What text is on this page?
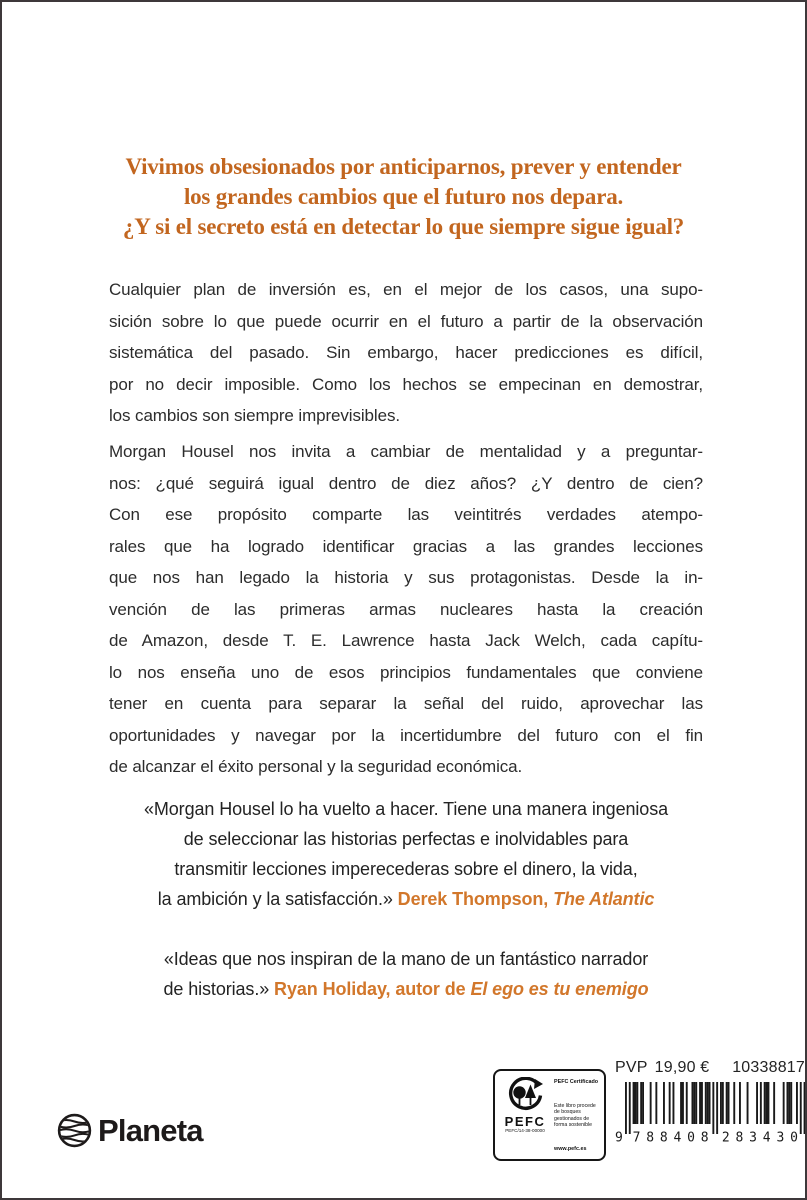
Vivimos obsesionados por anticiparnos, prever y entender
los grandes cambios que el futuro nos depara.
¿Y si el secreto está en detectar lo que siempre sigue igual?
Cualquier plan de inversión es, en el mejor de los casos, una supo-
sición sobre lo que puede ocurrir en el futuro a partir de la observación
sistemática del pasado. Sin embargo, hacer predicciones es difícil,
por no decir imposible. Como los hechos se empecinan en demostrar,
los cambios son siempre imprevisibles.
Morgan Housel nos invita a cambiar de mentalidad y a preguntar-
nos: ¿qué seguirá igual dentro de diez años? ¿Y dentro de cien?
Con ese propósito comparte las veintitrés verdades atempo-
rales que ha logrado identificar gracias a las grandes lecciones
que nos han legado la historia y sus protagonistas. Desde la in-
vención de las primeras armas nucleares hasta la creación
de Amazon, desde T. E. Lawrence hasta Jack Welch, cada capítu-
lo nos enseña uno de esos principios fundamentales que conviene
tener en cuenta para separar la señal del ruido, aprovechar las
oportunidades y navegar por la incertidumbre del futuro con el fin
de alcanzar el éxito personal y la seguridad económica.
«Morgan Housel lo ha vuelto a hacer. Tiene una manera ingeniosa
de seleccionar las historias perfectas e inolvidables para
transmitir lecciones imperecederas sobre el dinero, la vida,
la ambición y la satisfacción.» Derek Thompson, The Atlantic
«Ideas que nos inspiran de la mano de un fantástico narrador
de historias.» Ryan Holiday, autor de El ego es tu enemigo
Planeta	PEFC
PEFC/14-38-00000
PEFC Certificado
Este libro procede de bosques gestionados de forma sostenible
www.pefc.es
PVP 19,90 € 10338817
9 788408 283430
